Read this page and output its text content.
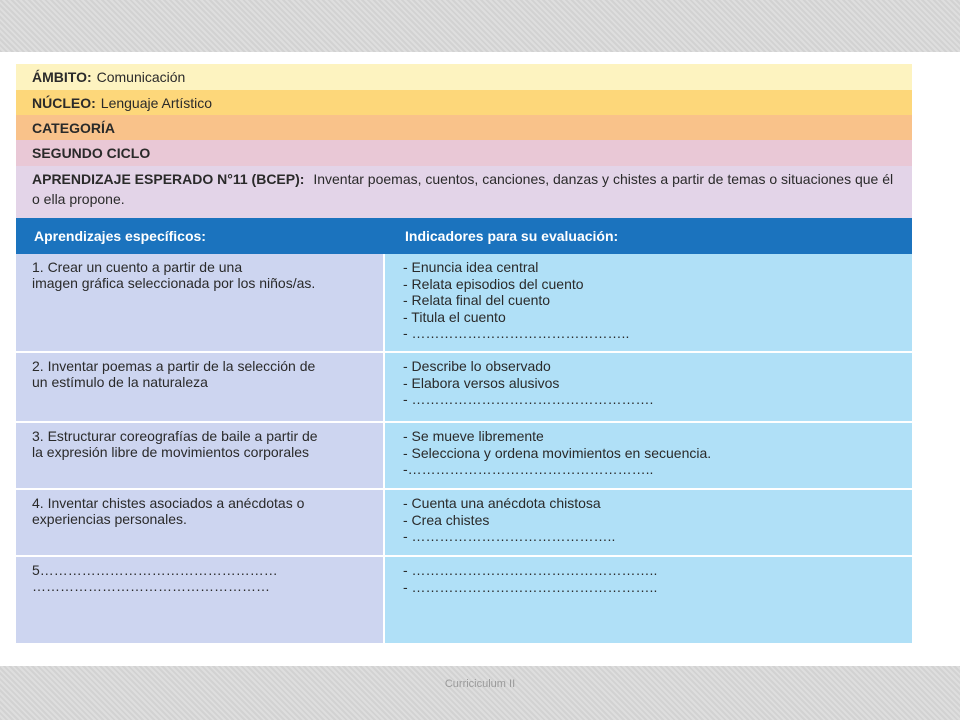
ÁMBITO: Comunicación
NÚCLEO: Lenguaje Artístico
CATEGORÍA
SEGUNDO CICLO
APRENDIZAJE ESPERADO N°11 (BCEP): Inventar poemas, cuentos, canciones, danzas y chistes a partir de temas o situaciones que él o ella propone.
Aprendizajes específicos:	Indicadores para su evaluación:
1. Crear un cuento a partir de una
imagen gráfica seleccionada por los niños/as.
- Enuncia idea central
- Relata episodios del cuento
- Relata final del cuento
- Titula el cuento
- ………………………………………..
2. Inventar poemas a partir de la selección de
un estímulo de la naturaleza
- Describe lo observado
- Elabora versos alusivos
- …………………………………………….
3. Estructurar coreografías de baile a partir de
la expresión libre de movimientos corporales
- Se mueve libremente
- Selecciona y ordena movimientos en secuencia.
-……………………………………………..
4. Inventar chistes asociados a anécdotas o
experiencias personales.
- Cuenta una anécdota chistosa
- Crea chistes
- ……………………………………..
5……………………………………………
……………………………………………
- ……………………………………………..
- ……………………………………………..
Curriciculum II
